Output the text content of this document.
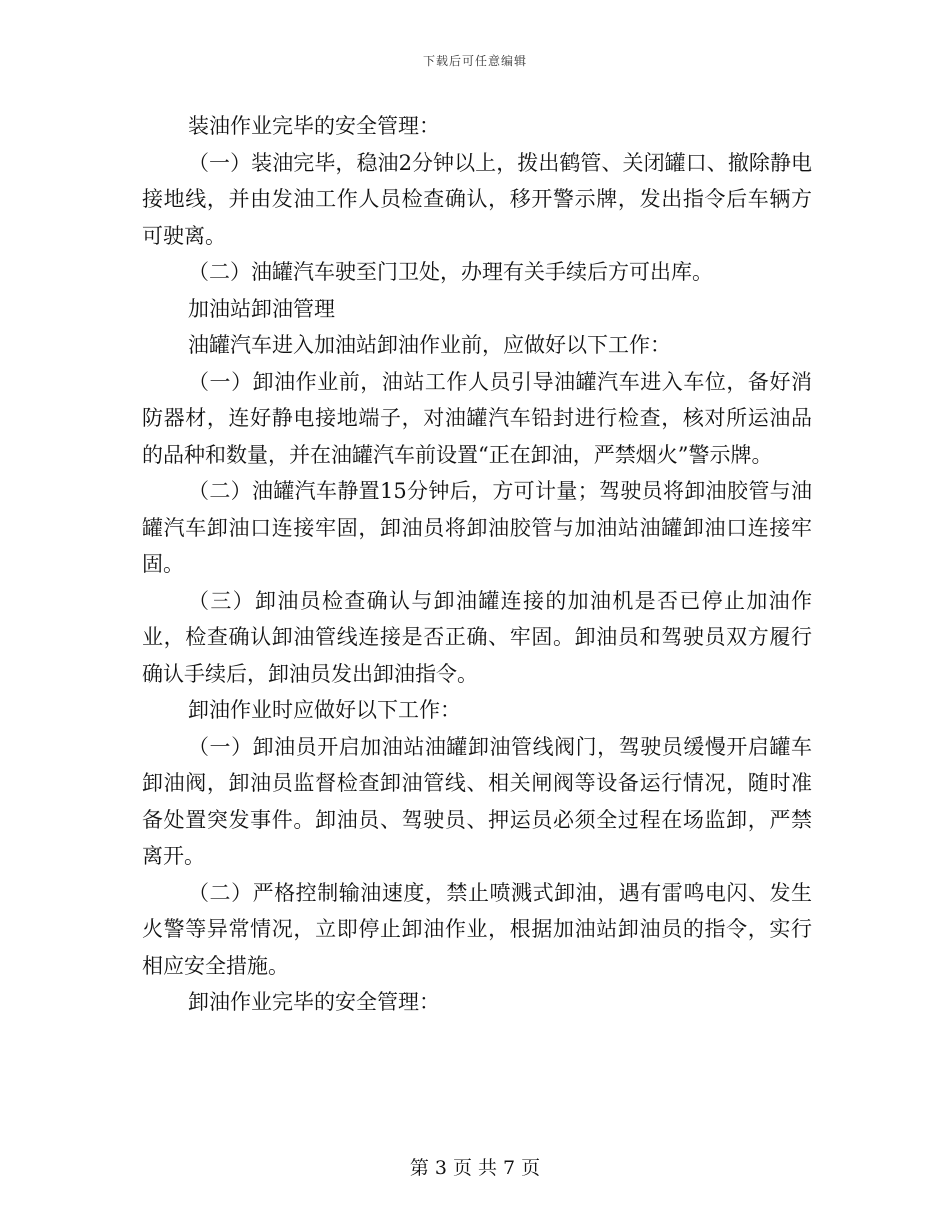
下载后可任意编辑

装油作业完毕的安全管理：

（一）装油完毕，稳油2分钟以上，拨出鹤管、关闭罐口、撤除静电接地线，并由发油工作人员检查确认，移开警示牌，发出指令后车辆方可驶离。

（二）油罐汽车驶至门卫处，办理有关手续后方可出库。

加油站卸油管理

油罐汽车进入加油站卸油作业前，应做好以下工作：

（一）卸油作业前，油站工作人员引导油罐汽车进入车位，备好消防器材，连好静电接地端子，对油罐汽车铅封进行检查，核对所运油品的品种和数量，并在油罐汽车前设置“正在卸油，严禁烟火”警示牌。

（二）油罐汽车静置15分钟后，方可计量；驾驶员将卸油胶管与油罐汽车卸油口连接牢固，卸油员将卸油胶管与加油站油罐卸油口连接牢固。

（三）卸油员检查确认与卸油罐连接的加油机是否已停止加油作业，检查确认卸油管线连接是否正确、牢固。卸油员和驾驶员双方履行确认手续后，卸油员发出卸油指令。

卸油作业时应做好以下工作：

（一）卸油员开启加油站油罐卸油管线阀门，驾驶员缓慢开启罐车卸油阀，卸油员监督检查卸油管线、相关闸阀等设备运行情况，随时准备处置突发事件。卸油员、驾驶员、押运员必须全过程在场监卸，严禁离开。

（二）严格控制输油速度，禁止喷溅式卸油，遇有雷鸣电闪、发生火警等异常情况，立即停止卸油作业，根据加油站卸油员的指令，实行相应安全措施。

卸油作业完毕的安全管理：

第 3 页 共 7 页
